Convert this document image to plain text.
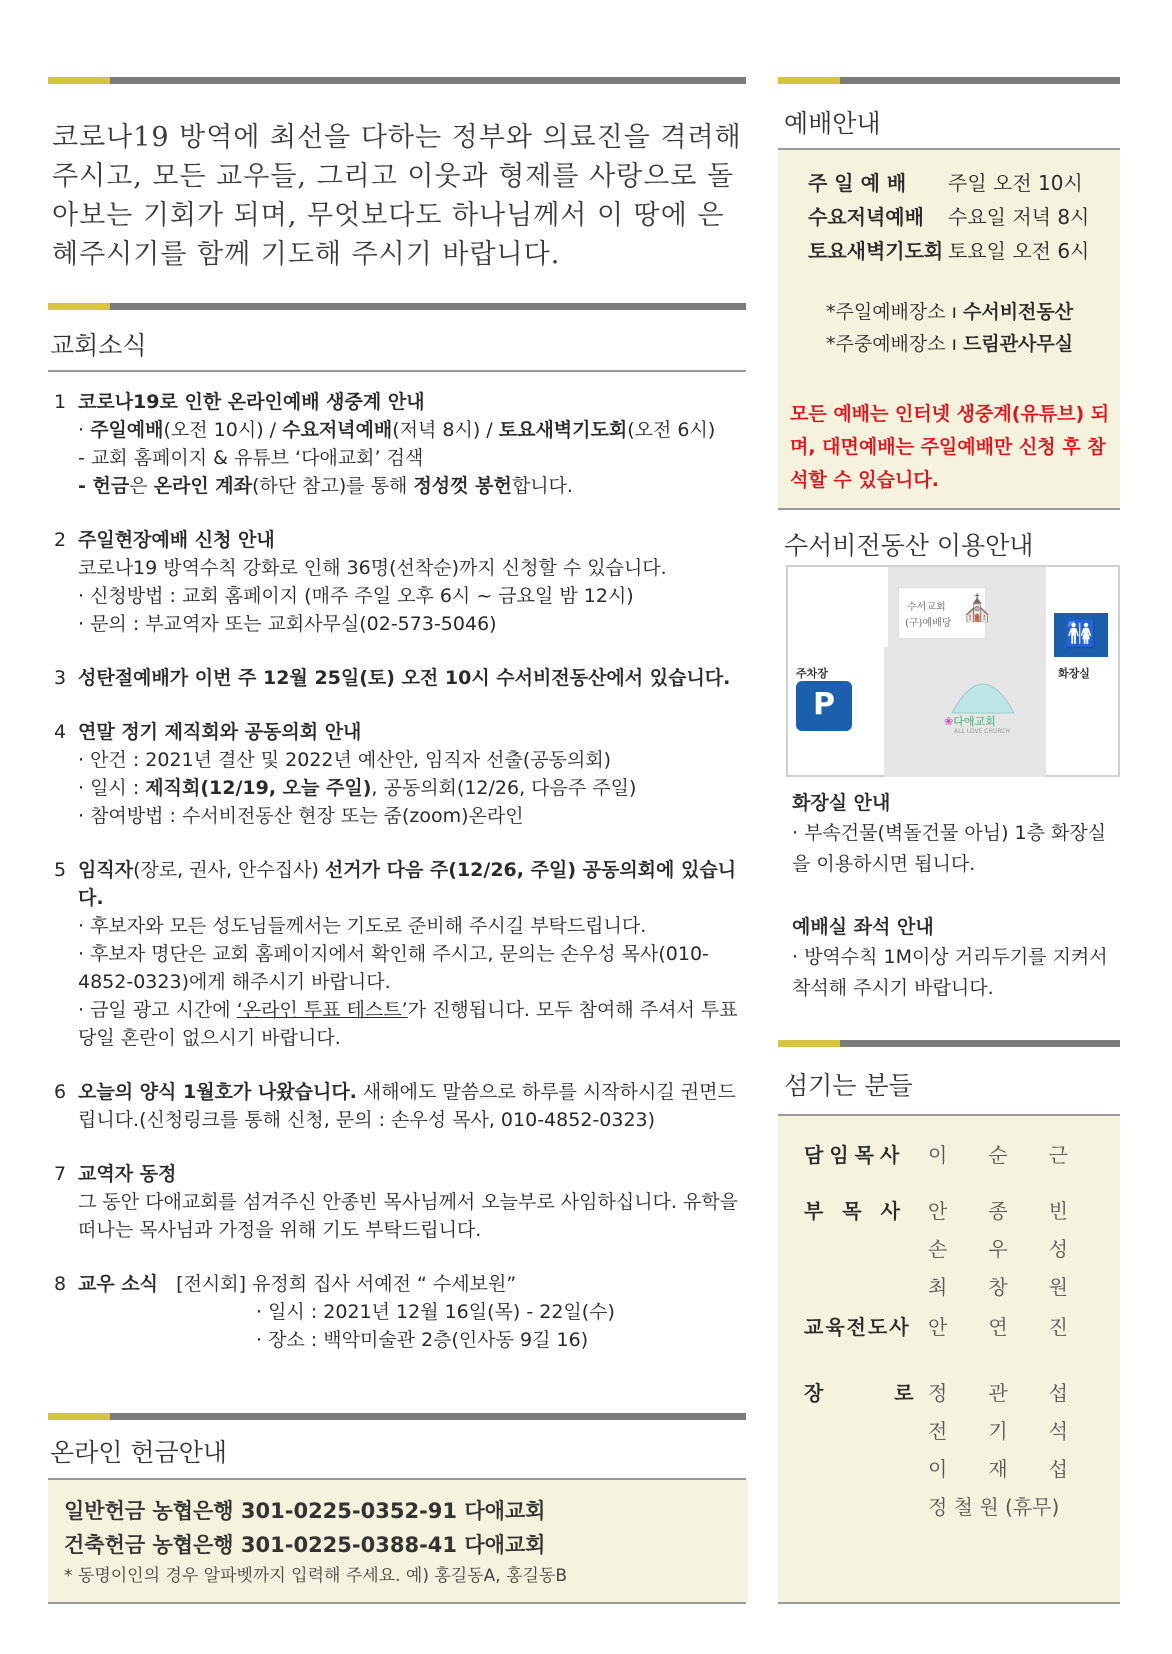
코로나19 방역에 최선을 다하는 정부와 의료진을 격려해 주시고, 모든 교우들, 그리고 이웃과 형제를 사랑으로 돌아보는 기회가 되며, 무엇보다도 하나님께서 이 땅에 은혜주시기를 함께 기도해 주시기 바랍니다.
교회소식
1 코로나19로 인한 온라인예배 생중계 안내
· 주일예배(오전 10시) / 수요저녁예배(저녁 8시) / 토요새벽기도회(오전 6시)
- 교회 홈페이지 & 유튜브 ‘다애교회’ 검색
- 헌금은 온라인 계좌(하단 참고)를 통해 정성껏 봉헌합니다.
2 주일현장예배 신청 안내
코로나19 방역수칙 강화로 인해 36명(선착순)까지 신청할 수 있습니다.
· 신청방법 : 교회 홈페이지 (매주 주일 오후 6시 ~ 금요일 밤 12시)
· 문의 : 부교역자 또는 교회사무실(02-573-5046)
3 성탄절예배가 이번 주 12월 25일(토) 오전 10시 수서비전동산에서 있습니다.
4 연말 정기 제직회와 공동의회 안내
· 안건 : 2021년 결산 및 2022년 예산안, 임직자 선출(공동의회)
· 일시 : 제직회(12/19, 오늘 주일), 공동의회(12/26, 다음주 주일)
· 참여방법 : 수서비전동산 현장 또는 줌(zoom)온라인
5 임직자(장로, 권사, 안수집사) 선거가 다음 주(12/26, 주일) 공동의회에 있습니다.
· 후보자와 모든 성도님들께서는 기도로 준비해 주시길 부탁드립니다.
· 후보자 명단은 교회 홈페이지에서 확인해 주시고, 문의는 손우성 목사(010-4852-0323)에게 해주시기 바랍니다.
· 금일 광고 시간에 ‘온라인 투표 테스트’가 진행됩니다. 모두 참여해 주셔서 투표 당일 혼란이 없으시기 바랍니다.
6 오늘의 양식 1월호가 나왔습니다. 새해에도 말씀으로 하루를 시작하시길 권면드립니다.(신청링크를 통해 신청, 문의 : 손우성 목사, 010-4852-0323)
7 교역자 동정
그 동안 다애교회를 섬겨주신 안종빈 목사님께서 오늘부로 사임하십니다. 유학을 떠나는 목사님과 가정을 위해 기도 부탁드립니다.
8 교우 소식 [전시회] 유정희 집사 서예전 “ 수세보원”
· 일시 : 2021년 12월 16일(목) - 22일(수)
· 장소 : 백악미술관 2층(인사동 9길 16)
온라인 헌금안내
일반헌금 농협은행 301-0225-0352-91 다애교회
건축헌금 농협은행 301-0225-0388-41 다애교회
* 동명이인의 경우 알파벳까지 입력해 주세요. 예) 홍길동A, 홍길동B
예배안내
주 일 예 배	주일 오전 10시
수요저녁예배	수요일 저녁 8시
토요새벽기도회 토요일 오전 6시
*주일예배장소 ı 수서비전동산
*주중예배장소 ı 드림관사무실
모든 예배는 인터넷 생중계(유튜브) 되며, 대면예배는 주일예배만 신청 후 참석할 수 있습니다.
수서비전동산 이용안내
수서교회
(구)예배당 ⛪
주차장
P
🚻
화장실
❀다애교회
ALL LOVE CHURCH
화장실 안내
· 부속건물(벽돌건물 아님) 1층 화장실을 이용하시면 됩니다.
예배실 좌석 안내
· 방역수칙 1M이상 거리두기를 지켜서 착석해 주시기 바랍니다.
섬기는 분들
담임목사	이 순 근
부 목 사	안 종 빈
손 우 성
최 창 원
교육전도사 안 연 진
장     로 정 관 섭
전 기 석
이 재 섭
정 철 원 (휴무)
